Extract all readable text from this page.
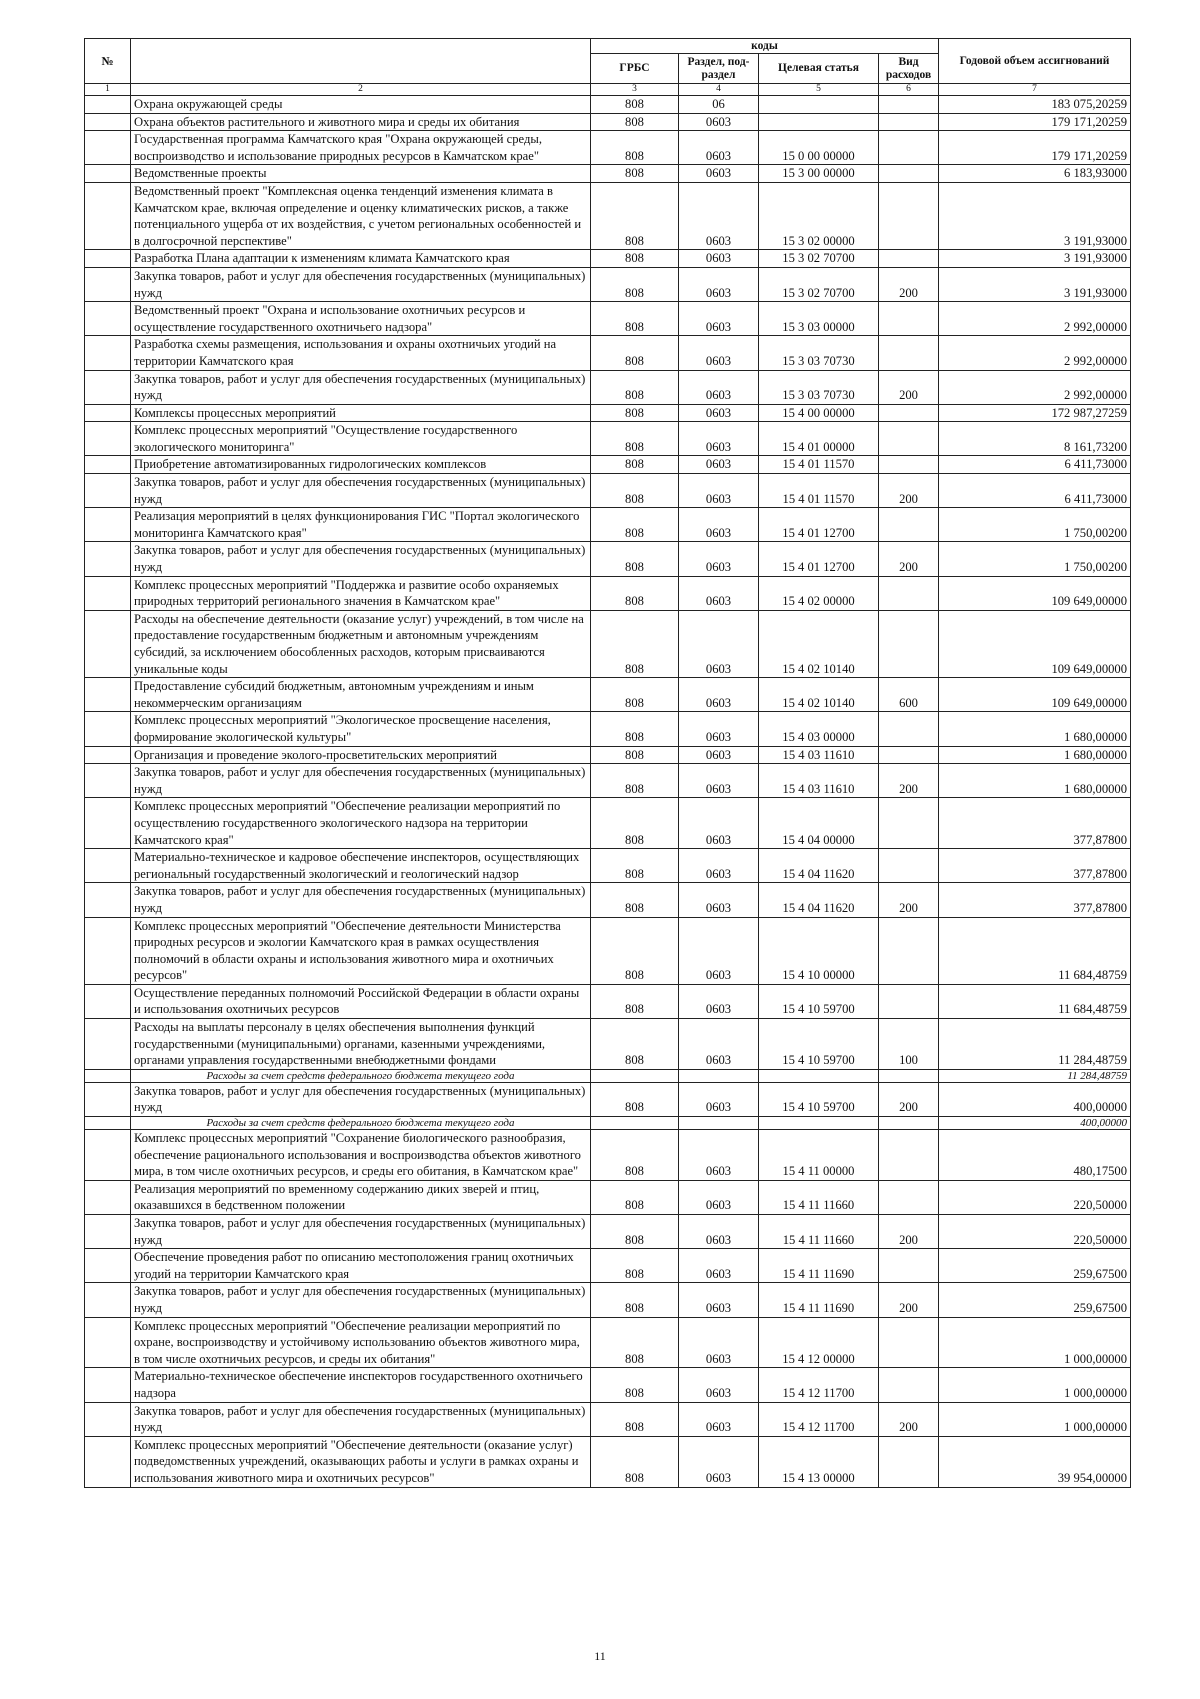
№		коды				Годовой объем ассигнований
		ГРБС	Раздел, под-раздел	Целевая статья	Вид расходов	
1	2	3	4	5	6	7
	Охрана окружающей среды	808	06			183 075,20259
	Охрана объектов растительного и животного мира и среды их обитания	808	0603			179 171,20259
	Государственная программа Камчатского края "Охрана окружающей среды, воспроизводство и использование природных ресурсов в Камчатском крае"	808	0603	15 0 00 00000		179 171,20259
	Ведомственные проекты	808	0603	15 3 00 00000		6 183,93000
	Ведомственный проект "Комплексная оценка тенденций изменения климата в Камчатском крае, включая определение и оценку климатических рисков, а также потенциального ущерба от их воздействия, с учетом региональных особенностей и в долгосрочной перспективе"	808	0603	15 3 02 00000		3 191,93000
	Разработка Плана адаптации к изменениям климата Камчатского края	808	0603	15 3 02 70700		3 191,93000
	Закупка товаров, работ и услуг для обеспечения государственных (муниципальных) нужд	808	0603	15 3 02 70700	200	3 191,93000
	Ведомственный проект "Охрана и использование охотничьих ресурсов и осуществление государственного охотничьего надзора"	808	0603	15 3 03 00000		2 992,00000
	Разработка схемы размещения, использования и охраны охотничьих угодий на территории Камчатского края	808	0603	15 3 03 70730		2 992,00000
	Закупка товаров, работ и услуг для обеспечения государственных (муниципальных) нужд	808	0603	15 3 03 70730	200	2 992,00000
	Комплексы процессных мероприятий	808	0603	15 4 00 00000		172 987,27259
	Комплекс процессных мероприятий "Осуществление государственного экологического мониторинга"	808	0603	15 4 01 00000		8 161,73200
	Приобретение автоматизированных гидрологических комплексов	808	0603	15 4 01 11570		6 411,73000
	Закупка товаров, работ и услуг для обеспечения государственных (муниципальных) нужд	808	0603	15 4 01 11570	200	6 411,73000
	Реализация мероприятий в целях функционирования ГИС "Портал экологического мониторинга Камчатского края"	808	0603	15 4 01 12700		1 750,00200
	Закупка товаров, работ и услуг для обеспечения государственных (муниципальных) нужд	808	0603	15 4 01 12700	200	1 750,00200
	Комплекс процессных мероприятий "Поддержка и развитие особо охраняемых природных территорий регионального значения в Камчатском крае"	808	0603	15 4 02 00000		109 649,00000
	Расходы на обеспечение деятельности (оказание услуг) учреждений, в том числе на предоставление государственным бюджетным и автономным учреждениям субсидий, за исключением обособленных расходов, которым присваиваются уникальные коды	808	0603	15 4 02 10140		109 649,00000
	Предоставление субсидий бюджетным, автономным учреждениям и иным некоммерческим организациям	808	0603	15 4 02 10140	600	109 649,00000
	Комплекс процессных мероприятий "Экологическое просвещение населения, формирование экологической культуры"	808	0603	15 4 03 00000		1 680,00000
	Организация и проведение эколого-просветительских мероприятий	808	0603	15 4 03 11610		1 680,00000
	Закупка товаров, работ и услуг для обеспечения государственных (муниципальных) нужд	808	0603	15 4 03 11610	200	1 680,00000
	Комплекс процессных мероприятий "Обеспечение реализации мероприятий по осуществлению государственного экологического надзора на территории Камчатского края"	808	0603	15 4 04 00000		377,87800
	Материально-техническое и кадровое обеспечение инспекторов, осуществляющих региональный государственный экологический и геологический надзор	808	0603	15 4 04 11620		377,87800
	Закупка товаров, работ и услуг для обеспечения государственных (муниципальных) нужд	808	0603	15 4 04 11620	200	377,87800
	Комплекс процессных мероприятий "Обеспечение деятельности Министерства природных ресурсов и экологии Камчатского края в рамках осуществления полномочий в области охраны и использования животного мира и охотничьих ресурсов"	808	0603	15 4 10 00000		11 684,48759
	Осуществление переданных полномочий Российской Федерации в области охраны и использования охотничьих ресурсов	808	0603	15 4 10 59700		11 684,48759
	Расходы на выплаты персоналу в целях обеспечения выполнения функций государственными (муниципальными) органами, казенными учреждениями, органами управления государственными внебюджетными фондами	808	0603	15 4 10 59700	100	11 284,48759
	Расходы за счет средств федерального бюджета текущего года					11 284,48759
	Закупка товаров, работ и услуг для обеспечения государственных (муниципальных) нужд	808	0603	15 4 10 59700	200	400,00000
	Расходы за счет средств федерального бюджета текущего года					400,00000
	Комплекс процессных мероприятий "Сохранение биологического разнообразия, обеспечение рационального использования и воспроизводства объектов животного мира, в том числе охотничьих ресурсов, и среды его обитания, в Камчатском крае"	808	0603	15 4 11 00000		480,17500
	Реализация мероприятий по временному содержанию диких зверей и птиц, оказавшихся в бедственном положении	808	0603	15 4 11 11660		220,50000
	Закупка товаров, работ и услуг для обеспечения государственных (муниципальных) нужд	808	0603	15 4 11 11660	200	220,50000
	Обеспечение проведения работ по описанию местоположения границ охотничьих угодий на территории Камчатского края	808	0603	15 4 11 11690		259,67500
	Закупка товаров, работ и услуг для обеспечения государственных (муниципальных) нужд	808	0603	15 4 11 11690	200	259,67500
	Комплекс процессных мероприятий "Обеспечение реализации мероприятий по охране, воспроизводству и устойчивому использованию объектов животного мира, в том числе охотничьих ресурсов, и среды их обитания"	808	0603	15 4 12 00000		1 000,00000
	Материально-техническое обеспечение инспекторов государственного охотничьего надзора	808	0603	15 4 12 11700		1 000,00000
	Закупка товаров, работ и услуг для обеспечения государственных (муниципальных) нужд	808	0603	15 4 12 11700	200	1 000,00000
	Комплекс процессных мероприятий "Обеспечение деятельности (оказание услуг) подведомственных учреждений, оказывающих работы и услуги в рамках охраны и использования животного мира и охотничьих ресурсов"	808	0603	15 4 13 00000		39 954,00000
11
